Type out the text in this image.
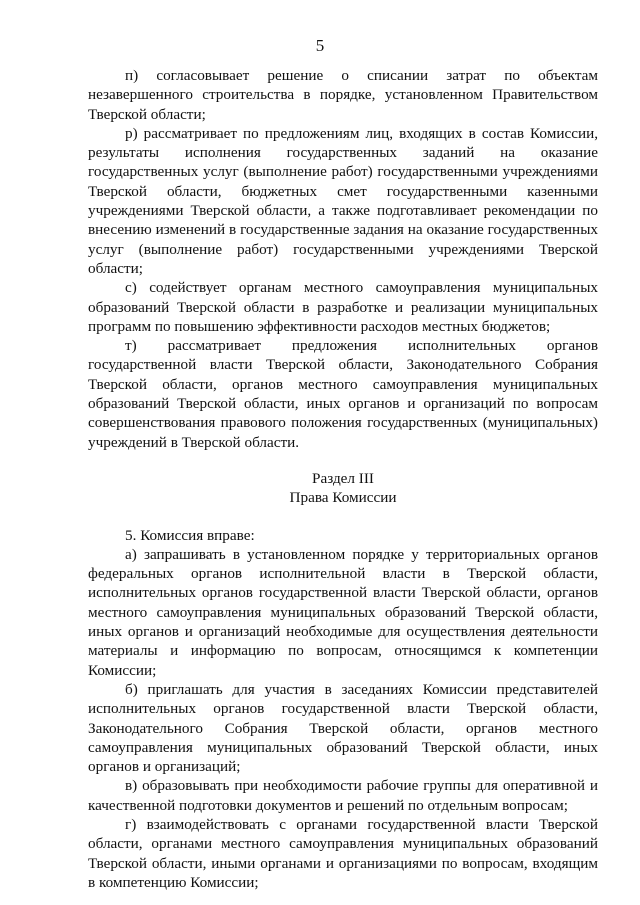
5

п) согласовывает решение о списании затрат по объектам незавершенного строительства в порядке, установленном Правительством Тверской области;

р) рассматривает по предложениям лиц, входящих в состав Комиссии, результаты исполнения государственных заданий на оказание государственных услуг (выполнение работ) государственными учреждениями Тверской области, бюджетных смет государственными казенными учреждениями Тверской области, а также подготавливает рекомендации по внесению изменений в государственные задания на оказание государственных услуг (выполнение работ) государственными учреждениями Тверской области;

с) содействует органам местного самоуправления муниципальных образований Тверской области в разработке и реализации муниципальных программ по повышению эффективности расходов местных бюджетов;

т) рассматривает предложения исполнительных органов государственной власти Тверской области, Законодательного Собрания Тверской области, органов местного самоуправления муниципальных образований Тверской области, иных органов и организаций по вопросам совершенствования правового положения государственных (муниципальных) учреждений в Тверской области.

Раздел III

Права Комиссии

5. Комиссия вправе:

а) запрашивать в установленном порядке у территориальных органов федеральных органов исполнительной власти в Тверской области, исполнительных органов государственной власти Тверской области, органов местного самоуправления муниципальных образований Тверской области, иных органов и организаций необходимые для осуществления деятельности материалы и информацию по вопросам, относящимся к компетенции Комиссии;

б) приглашать для участия в заседаниях Комиссии представителей исполнительных органов государственной власти Тверской области, Законодательного Собрания Тверской области, органов местного самоуправления муниципальных образований Тверской области, иных органов и организаций;

в) образовывать при необходимости рабочие группы для оперативной и качественной подготовки документов и решений по отдельным вопросам;

г) взаимодействовать с органами государственной власти Тверской области, органами местного самоуправления муниципальных образований Тверской области, иными органами и организациями по вопросам, входящим в компетенцию Комиссии;
